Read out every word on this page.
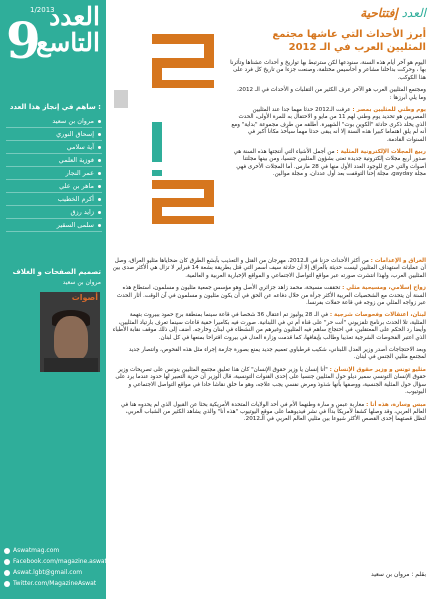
1/2013
9 العدد
التاسع
ساهم في إنجاز هذا العدد :
مروان بن سعيد
إسحاق النوري
آية سلامي
فوزية العلمي
عمر النجار
ماهر بن علي
أكرم الخطيب
زايد رزق
سلمى السقير
تصميم الصفحات و الغلاف
مروان بن سعيد
أصوات
Aswatmag.com
Facebook.com/magazine.aswat
Aswat.lgbt@gmail.com
Twitter.com/MagazineAswat
العدد إفتتاحية
أبرز الأحداث التي عاشها مجتمع المثليين العرب في الـ 2012

اليوم هو آخر أيام هذه السنة، سنودعها لكن سترتبط بها تواريخ و أحداث عشناها وتأثرنا بها ، وحركت بداخلنا مشاعر و أحاسيس مختلفة، وصنعت جزءا من تاريخ كل فرد على هذا الكوكب.

ومجتمع المثليين العرب هو الآخر عرف الكثير من التقلبات و الأحداث في الـ 2012، وما يلي أبرزها :

يوم وطني للمثليين بمصر : عرفت الـ2012 حدثا مهما جدا عند المثليين المصريين هو تحديد يوم وطني لهم 11 من مايو و الاحتفال به للمرة الأولى، الحدث الذي يخلد ذكرى حادثة "الكوين بوت" الشهيرة. أطلقه من طرف مجموعة "بداية" ومع أنه لم يلق اهتماما كبيرا هذه السنة إلا أنه يبقى حدثا مهما سيأخذ مكانا أكبر في السنوات القادمة.

ربيع المجلات الإلكترونية المثلية : من أجمل الأشياء التي أنتجتها هذه السنة هي صدور أربع مجلات إلكترونية جديدة تعنى بشؤون المثليين جنسيا، ومن بينها مجلتنا أصوات والتي خرج للوجود العدد الأول منها في 28 مارس. أما المجلات الأخرى فهي مجلة gayday، مجلة إحنا التوقفت بعد أول عددان، و مجلة موالين.

العراق و الإعدامات : من أكثر الأحداث حزنا في الـ2012، مهرجان من القتل و التعذيب بأبشع الطرق كان ضحاياها مثليو العراق، وصل أن عمليات استهداف المثليين ليست حديثة بالعراق إلا أن حادثة سيف أسمر التي قتل بطريقة بشعة 14 فبراير لا تزال هي الأكثر صدى بين المثليين العرب، ولهذا انتشرت صورته عبر مواقع التواصل الاجتماعي و المواقع الإخبارية العربية و العالمية.

زواج إسلامي، ومسيحية مثلي : تحققت مسيحة، محمد زاهد جزائري الأصل وهو مؤسس جمعية مثليون و مسلمون، استطاع هذه السنة أن يتحدث مع الشخصيات العربية الأكثر جرأة من خلال دفاعه عن الحق في أن يكون مثليون و مسلمون في آن الوقت. أثار الحدث عبر زواجه المثلي من زوجه في قاعة حفلات بفرنسا.

لبنان، اعتقالات وفحوصات شرجية : في الـ 28 يوليوز تم اعتقال 36 شخصا في قاعة سينما بمنطقة برج حمود ببيروت بتهمة المثلية، تلا الحدث برنامج تلفزيوني "أنت حر" على قناة أم تي في اللبنانية. صورت فيه بكاميرا خفية قاعات سينما تعرف بارتياد المثليين، وأيضا رد الحكم على المعتقلين، في احتجاج ساهم فيه المثليون وغيرهم من النشطاء في لبنان وخارجه. أضف إلى ذلك موقف نقابة الأطباء الذي اعتبر الفحوصات الشرجية تعذيبا وطالب بإيقافها، كما قدمت وزارة العدل في بيروت اقتراحا بمنعها في كل لبنان.

وبعد الاحتجاجات أصدر وزير العدل اللبناني، شكيب قرطباوي تعميم جديد يمنع بصورة جازمة إجراء مثل هذه الفحوص، وانتصار جديد لمجتمع مثليي الجنس في لبنان.

مثليو تونس و وزير حقوق الإنسان : "أنا إنسان يا وزير حقوق الإنسان" كان هذا تعليق مجتمع المثليين بتونس على تصريحات وزير حقوق الإنسان التونسي سمير ديلو حول المثليين جنسيا على إحدى القنوات التونسية، قال الوزير أن حرية التعبير لها حدود عندما يرد على سؤال حول المثلية الجنسية، ووصفها بأنها شذوذ ومرض نفسي يجب علاجه، وهو ما خلق نقاشا حادا في مواقع التواصل الاجتماعي و اليوتيوب.

مبس وسارة، هذه أنا : مغاربة عبس و سارة وطنهما الأم في أحد الولايات المتحدة الأمريكية بحثا عن القبول الذي لم يحدوه هنا في العالم العربي، وقد وصلها كشفا لأمريكا بدأا في نشر فيديوهما على موقع اليوتيوب "هذه أنا" والذي يشاهد الكثير من الشباب العربي، لتظل قصتهما إحدى القصص الأكثر شيوعا بين مثليي العالم العربي في الـ2012.

بقلم : مروان بن سعيد
